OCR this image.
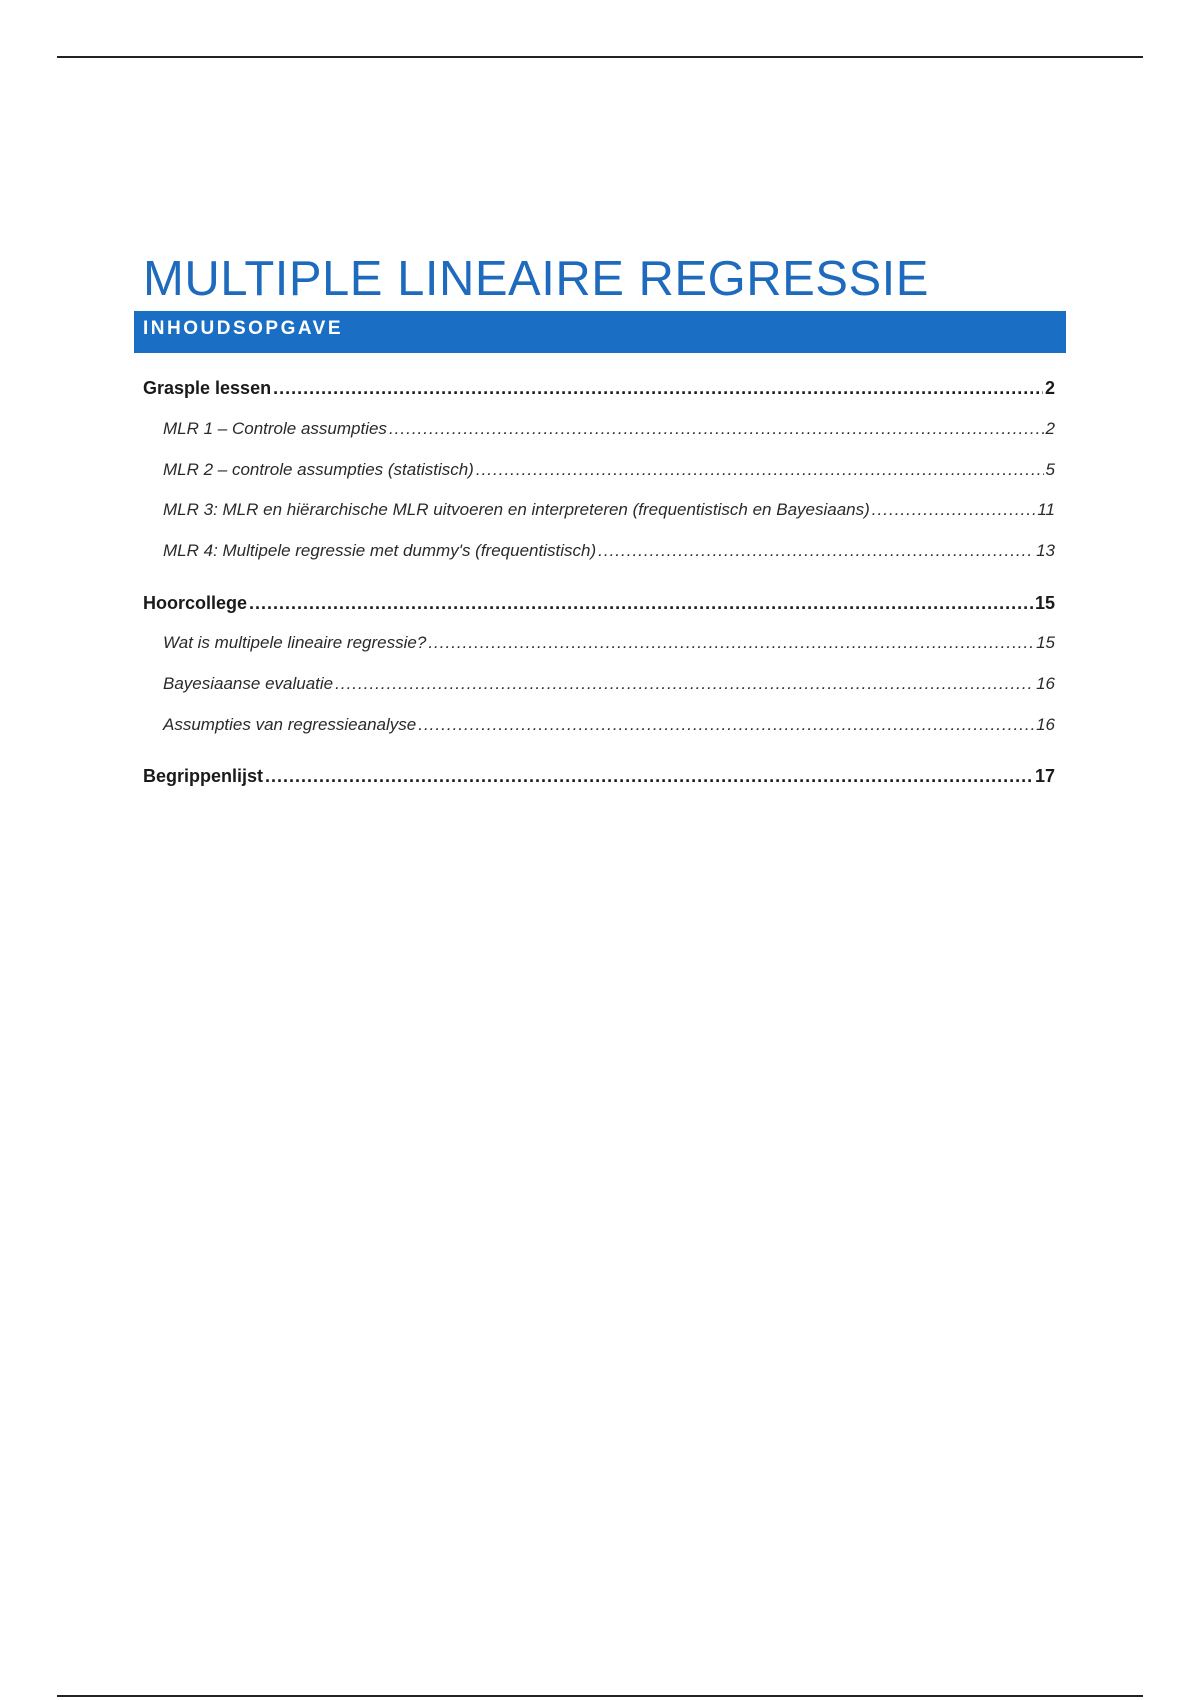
MULTIPLE LINEAIRE REGRESSIE
INHOUDSOPGAVE
Grasple lessen .....	2
MLR 1 – Controle assumpties .....	2
MLR 2 – controle assumpties (statistisch) .....	5
MLR 3: MLR en hiërarchische MLR uitvoeren en interpreteren (frequentistisch en Bayesiaans) .....	11
MLR 4: Multipele regressie met dummy's (frequentistisch) .....	13
Hoorcollege .....	15
Wat is multipele lineaire regressie? .....	15
Bayesiaanse evaluatie .....	16
Assumpties van regressieanalyse .....	16
Begrippenlijst .....	17
